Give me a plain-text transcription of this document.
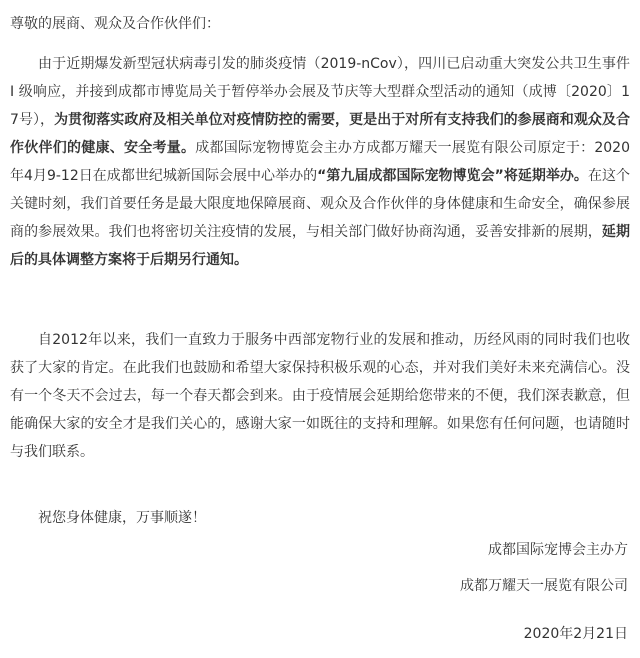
尊敬的展商、观众及合作伙伴们：

由于近期爆发新型冠状病毒引发的肺炎疫情（2019-nCov），四川已启动重大突发公共卫生事件 I 级响应，并接到成都市博览局关于暂停举办会展及节庆等大型群众型活动的通知（成博〔2020〕17号），为贯彻落实政府及相关单位对疫情防控的需要，更是出于对所有支持我们的参展商和观众及合作伙伴们的健康、安全考量。成都国际宠物博览会主办方成都万耀天一展览有限公司原定于：2020年4月9-12日在成都世纪城新国际会展中心举办的“第九届成都国际宠物博览会”将延期举办。在这个关键时刻，我们首要任务是最大限度地保障展商、观众及合作伙伴的身体健康和生命安全，确保参展商的参展效果。我们也将密切关注疫情的发展，与相关部门做好协商沟通，妥善安排新的展期，延期后的具体调整方案将于后期另行通知。

自2012年以来，我们一直致力于服务中西部宠物行业的发展和推动，历经风雨的同时我们也收获了大家的肯定。在此我们也鼓励和希望大家保持积极乐观的心态，并对我们美好未来充满信心。没有一个冬天不会过去，每一个春天都会到来。由于疫情展会延期给您带来的不便，我们深表歉意，但能确保大家的安全才是我们关心的，感谢大家一如既往的支持和理解。如果您有任何问题，也请随时与我们联系。

祝您身体健康，万事顺遂！

成都国际宠博会主办方

成都万耀天一展览有限公司

2020年2月21日
